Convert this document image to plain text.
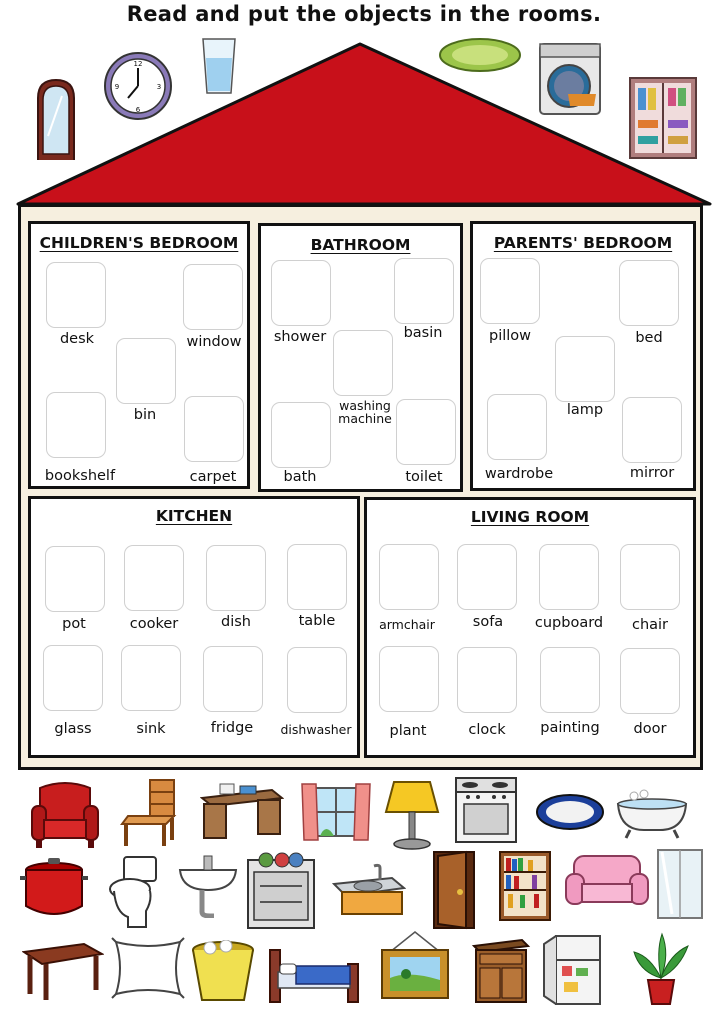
Read and put the objects in the rooms.
12
3
6
9
CHILDREN'S BEDROOM
desk	window
bin
bookshelf	carpet
BATHROOM
shower	basin
washing machine
bath	toilet
PARENTS' BEDROOM
pillow	bed
lamp
wardrobe	mirror
KITCHEN
pot	cooker	dish	table
glass	sink	fridge	dishwasher
LIVING ROOM
armchair	sofa	cupboard	chair
plant	clock	painting	door
